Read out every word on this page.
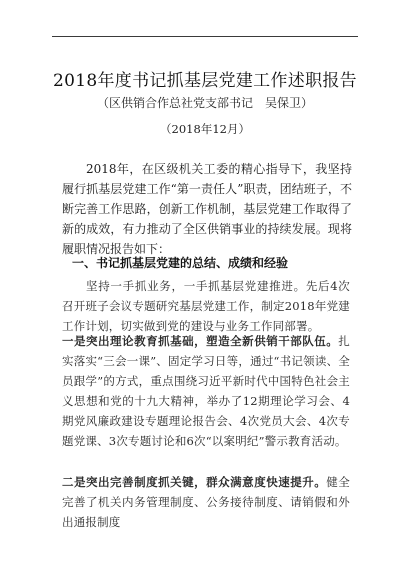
2018年度书记抓基层党建工作述职报告
（区供销合作总社党支部书记　吴保卫）
（2018年12月）
2018年，在区级机关工委的精心指导下，我坚持履行抓基层党建工作“第一责任人”职责，团结班子，不断完善工作思路，创新工作机制，基层党建工作取得了新的成效，有力推动了全区供销事业的持续发展。现将履职情况报告如下：
一、书记抓基层党建的总结、成绩和经验
坚持一手抓业务，一手抓基层党建推进。先后4次召开班子会议专题研究基层党建工作，制定2018年党建工作计划，切实做到党的建设与业务工作同部署。
一是突出理论教育抓基础，塑造全新供销干部队伍。扎实落实“三会一课”、固定学习日等，通过“书记领读、全员跟学”的方式，重点围绕习近平新时代中国特色社会主义思想和党的十九大精神，举办了12期理论学习会、4期党风廉政建设专题理论报告会、4次党员大会、4次专题党课、3次专题讨论和6次“以案明纪”警示教育活动。
二是突出完善制度抓关键，群众满意度快速提升。健全完善了机关内务管理制度、公务接待制度、请销假和外出通报制度
